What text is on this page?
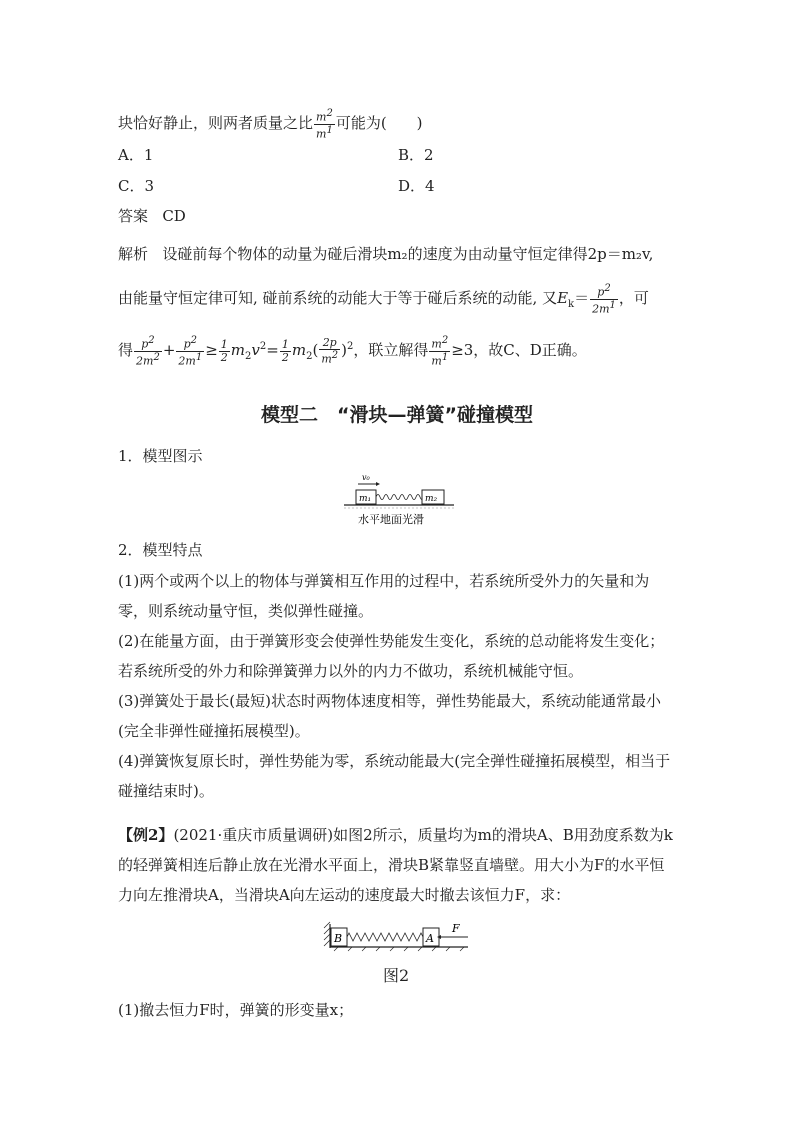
块恰好静止，则两者质量之比 $\frac{m^2}{m^1}$ 可能为(　　)
A．1	B．2
C．3	D．4
答案 CD
解析 设碰前每个物体的动量为碰后滑块m₂的速度为由动量守恒定律得2p＝m₂v,
由能量守恒定律可知, 碰前系统的动能大于等于碰后系统的动能, 又$E_k= \frac{p^2}{2m^1}$ ，可
得 $\frac{p^2}{2m^2} + \frac{p^2}{2m^1} \ge \frac{1}{2} m_2v^2= \frac{1}{2} m_2( \frac{2p}{m^2} )^2$，联立解得 $\frac{m^2}{m^1} \ge 3$，故C、D正确。
模型二　“滑块—弹簧”碰撞模型
1．模型图示
v₀
m₁	m₂
水平地面光滑
2．模型特点
(1)两个或两个以上的物体与弹簧相互作用的过程中，若系统所受外力的矢量和为零，则系统动量守恒，类似弹性碰撞。
(2)在能量方面，由于弹簧形变会使弹性势能发生变化，系统的总动能将发生变化；若系统所受的外力和除弹簧弹力以外的内力不做功，系统机械能守恒。
(3)弹簧处于最长(最短)状态时两物体速度相等，弹性势能最大，系统动能通常最小(完全非弹性碰撞拓展模型)。
(4)弹簧恢复原长时，弹性势能为零，系统动能最大(完全弹性碰撞拓展模型，相当于碰撞结束时)。
【例2】(2021·重庆市质量调研)如图2所示，质量均为m的滑块A、B用劲度系数为k的轻弹簧相连后静止放在光滑水平面上，滑块B紧靠竖直墙壁。用大小为F的水平恒力向左推滑块A，当滑块A向左运动的速度最大时撤去该恒力F，求：
B	A
F
图2
(1)撤去恒力F时，弹簧的形变量x；
